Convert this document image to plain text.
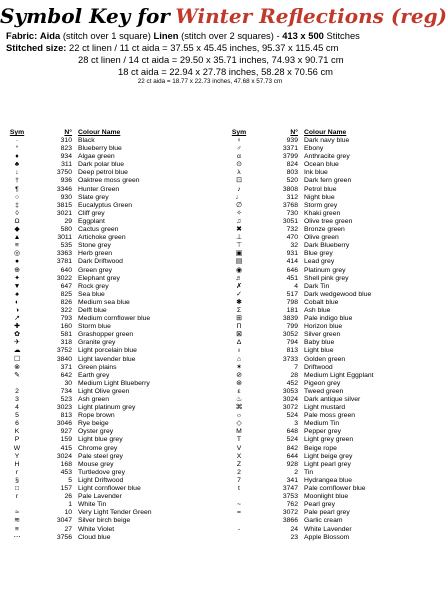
Symbol Key for Winter Reflections (reg)
Fabric: Aida (stitch over 1 square) Linen (stitch over 2 squares) - 413 x 500 Stitches
Stitched size: 22 ct linen / 11 ct aida = 37.55 x 45.45 inches, 95.37 x 115.45 cm
28 ct linen / 14 ct aida = 29.50 x 35.71 inches, 74.93 x 90.71 cm
18 ct aida = 22.94 x 27.78 inches, 58.28 x 70.56 cm
22 ct aida = 18.77 x 22.73 inches, 47.68 x 57.73 cm
Sym	N° Colour Name
·	310 Black
°	823 Blueberry blue
♦	934 Algae green
♣	311 Dark polar blue
↓	3750 Deep petrol blue
†	936 Oaktree moss green
¶	3346 Hunter Green
○	930 Slate grey
‡	3815 Eucalyptus Green
◊	3021 Cliff grey
Ω	29 Eggplant
◆	580 Cactus green
▲	3011 Artichoke green
≡	535 Stone grey
◎	3363 Herb green
●	3781 Dark Driftwood
⊕	640 Green grey
✦	3022 Elephant grey
▼	647 Rock grey
♠	825 Sea blue
◐	826 Medium sea blue
◑	322 Delft blue
↗	793 Medium cornflower blue
✚	160 Storm blue
✿	581 Grashopper green
✈	318 Granite grey
☁	3752 Light porcelain blue
☐	3840 Light lavender blue
⊗	371 Green plains
✎	642 Earth grey
30 Medium Light Blueberry
2	734 Light Olive green
3	523 Ash green
4	3023 Light platinum grey
5	813 Rope brown
6	3046 Rye beige
K	927 Oyster grey
P	159 Light blue grey
W	415 Chrome grey
Y	3024 Pale steel grey
H	168 Mouse grey
r	453 Turtledove grey
§	5 Light Driftwood
□	157 Light cornflower blue
r	26 Pale Lavender
1 White Tin
≈	10 Very Light Tender Green
≋	3047 Silver birch beige
≡	27 White Violet
⋯	3756 Cloud blue
Sym	N° Colour Name
♀	939 Dark navy blue
♂	3371 Ebony
α	3799 Anthracite grey
⊙	824 Ocean blue
λ	803 Ink blue
⊡	520 Dark fern green
♪	3808 Petrol blue
♩	312 Night blue
∅	3768 Storm grey
✧	730 Khaki green
♫	3051 Olive tree green
✖	732 Bronze green
⊥	470 Olive green
⊤	32 Dark Blueberry
▣	931 Blue grey
▤	414 Lead grey
◉	646 Platinum grey
♬	451 Shell pink grey
✗	4 Dark Tin
✓	517 Dark wedgewood blue
✱	798 Cobalt blue
Σ	181 Ash blue
⊞	3839 Pale indigo blue
Π	799 Horizon blue
⊠	3052 Silver green
Δ	794 Baby blue
♁	813 Light blue
⌂	3733 Golden green
✶	7 Driftwood
⊘	28 Medium Light Eggplant
⊛	452 Pigeon grey
ε	3053 Tweed green
♨	3024 Dark antique silver
⌘	3072 Light mustard
☼	524 Pale moss green
◇	3 Medium Tin
M	648 Pepper grey
T	524 Light grey green
V	842 Beige rope
X	644 Light beige grey
Z	928 Light pearl grey
2	2 Tin
7	341 Hydrangea blue
t	3747 Pale cornflower blue
3753 Moonlight blue
~	762 Pearl grey
=	3072 Pale pearl grey
3866 Garlic cream
-	24 White Lavender
23 Apple Blossom
